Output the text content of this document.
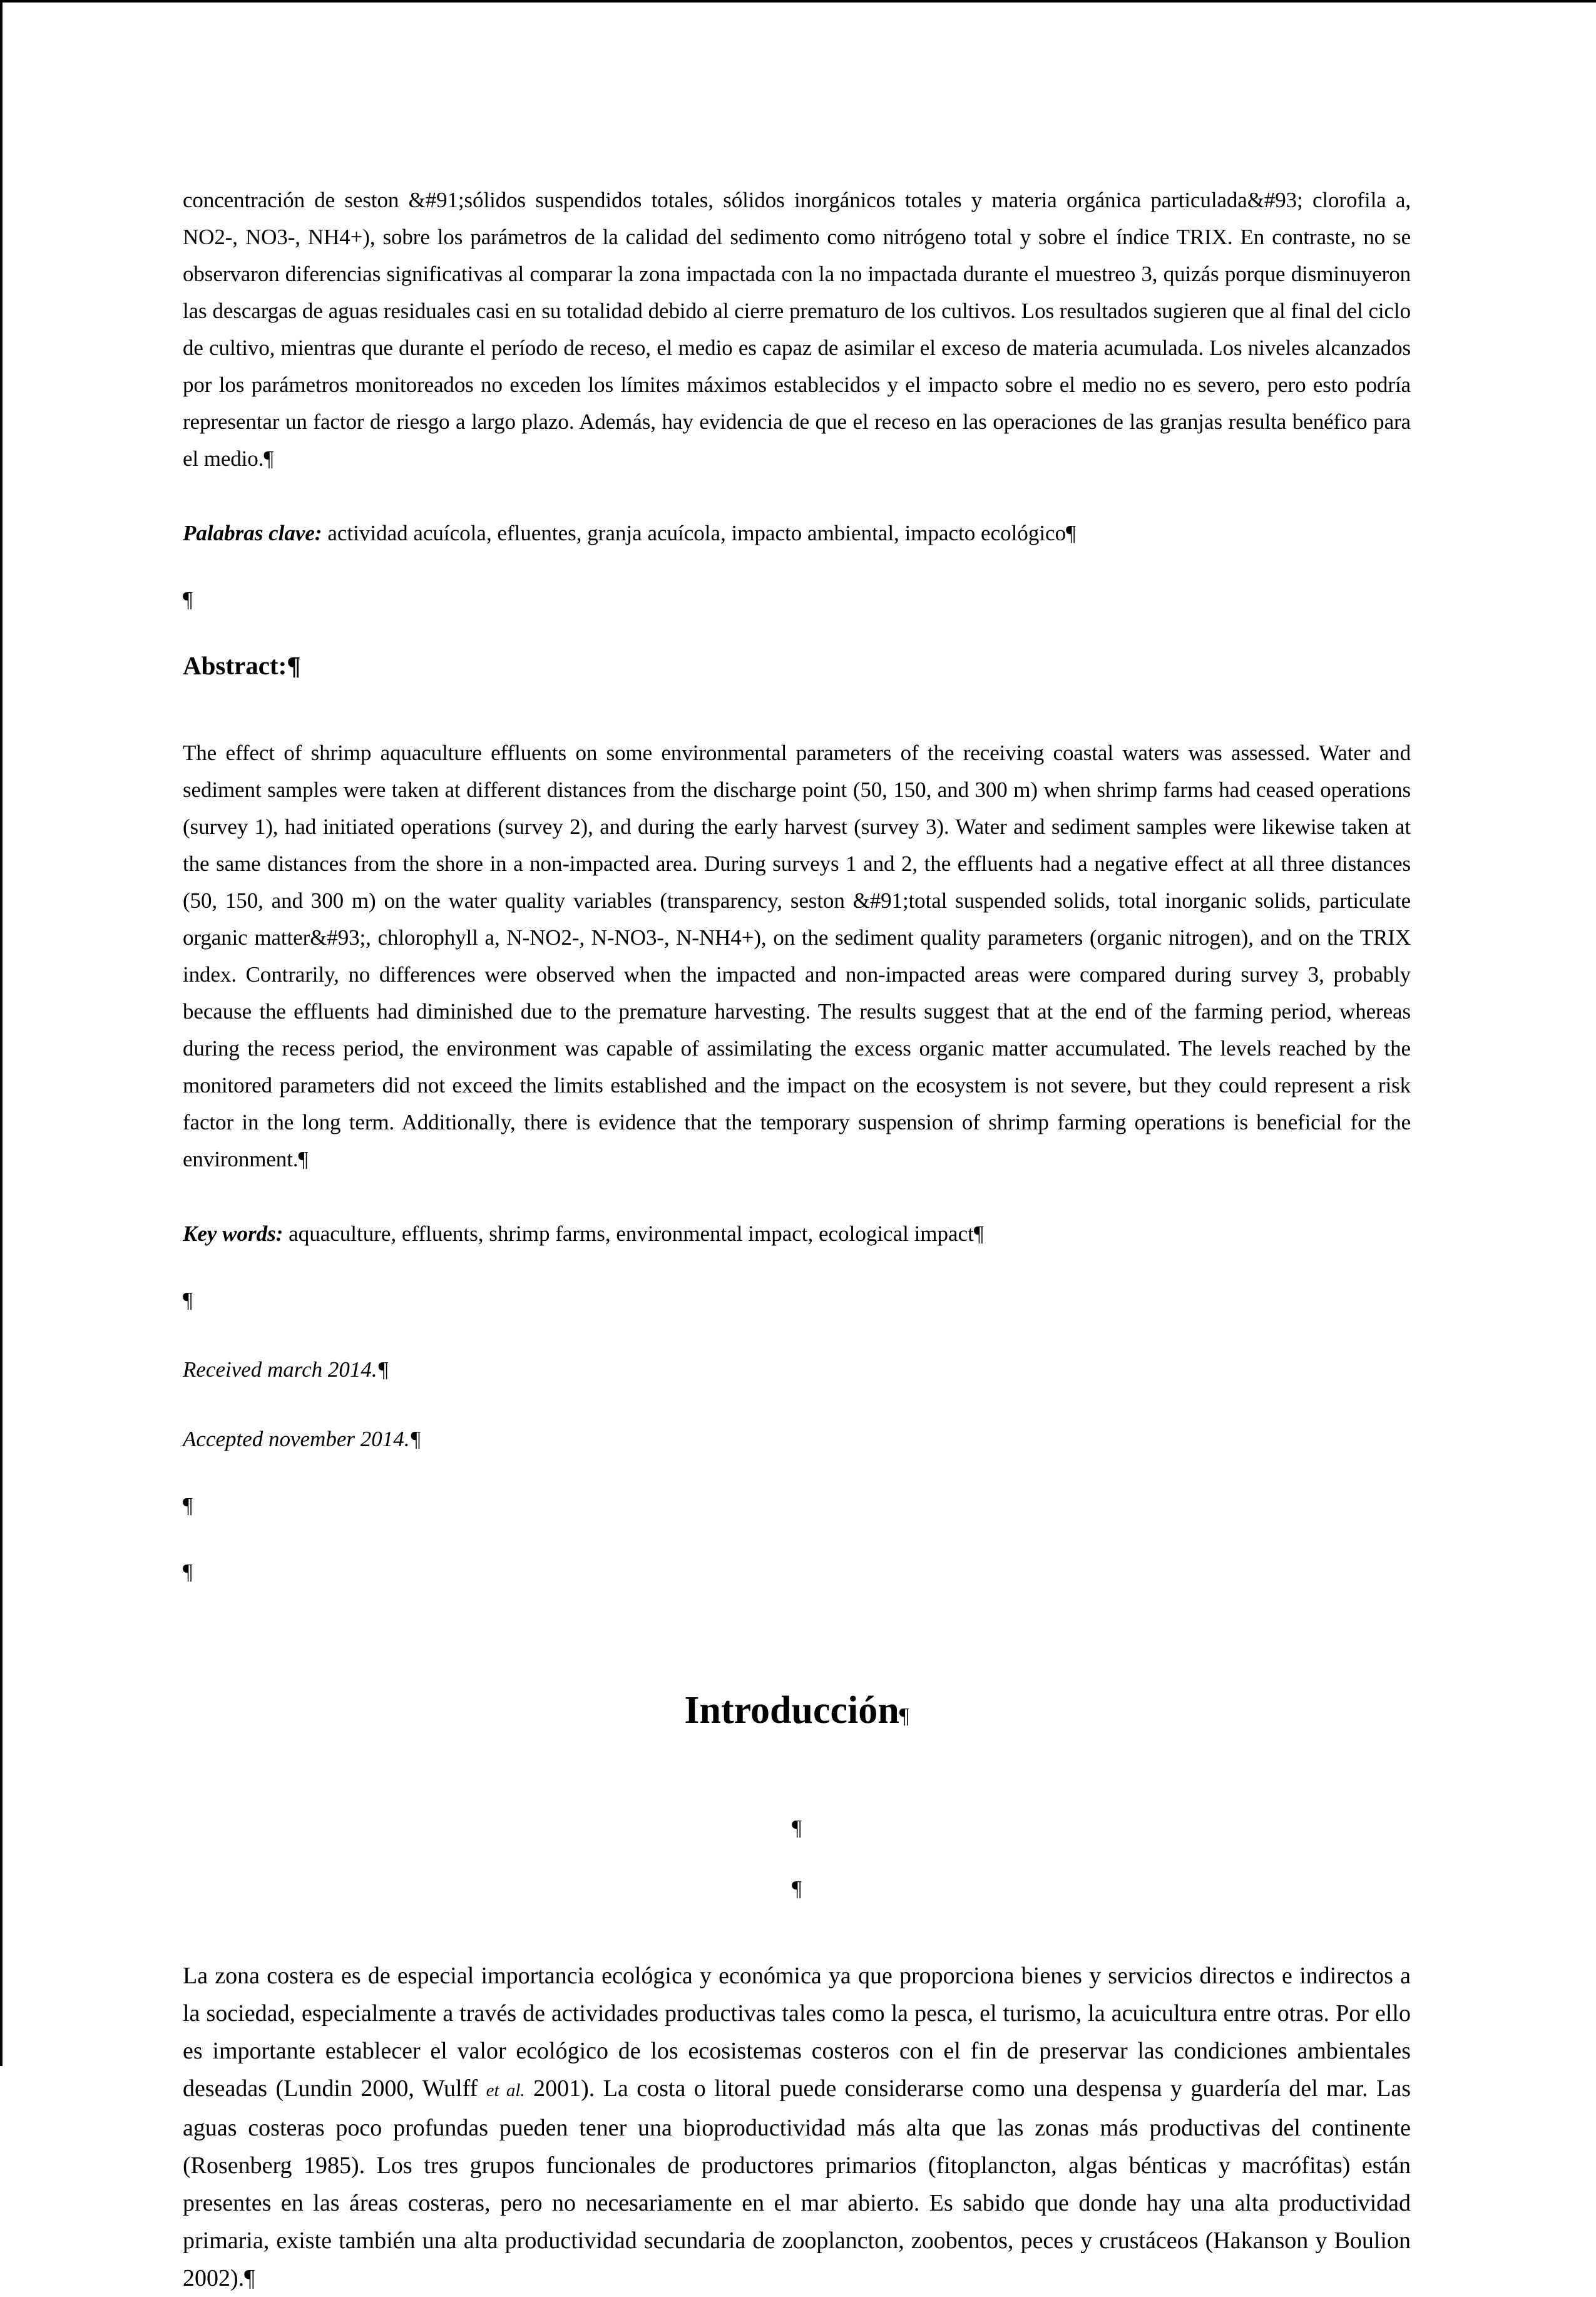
concentración de seston &#91;sólidos suspendidos totales, sólidos inorgánicos totales y materia orgánica particulada&#93; clorofila a, NO2-, NO3-, NH4+), sobre los parámetros de la calidad del sedimento como nitrógeno total y sobre el índice TRIX. En contraste, no se observaron diferencias significativas al comparar la zona impactada con la no impactada durante el muestreo 3, quizás porque disminuyeron las descargas de aguas residuales casi en su totalidad debido al cierre prematuro de los cultivos. Los resultados sugieren que al final del ciclo de cultivo, mientras que durante el período de receso, el medio es capaz de asimilar el exceso de materia acumulada. Los niveles alcanzados por los parámetros monitoreados no exceden los límites máximos establecidos y el impacto sobre el medio no es severo, pero esto podría representar un factor de riesgo a largo plazo. Además, hay evidencia de que el receso en las operaciones de las granjas resulta benéfico para el medio.¶

Palabras clave: actividad acuícola, efluentes, granja acuícola, impacto ambiental, impacto ecológico¶

¶

Abstract:¶

The effect of shrimp aquaculture effluents on some environmental parameters of the receiving coastal waters was assessed. Water and sediment samples were taken at different distances from the discharge point (50, 150, and 300 m) when shrimp farms had ceased operations (survey 1), had initiated operations (survey 2), and during the early harvest (survey 3). Water and sediment samples were likewise taken at the same distances from the shore in a non-impacted area. During surveys 1 and 2, the effluents had a negative effect at all three distances (50, 150, and 300 m) on the water quality variables (transparency, seston &#91;total suspended solids, total inorganic solids, particulate organic matter&#93;, chlorophyll a, N-NO2-, N-NO3-, N-NH4+), on the sediment quality parameters (organic nitrogen), and on the TRIX index. Contrarily, no differences were observed when the impacted and non-impacted areas were compared during survey 3, probably because the effluents had diminished due to the premature harvesting. The results suggest that at the end of the farming period, whereas during the recess period, the environment was capable of assimilating the excess organic matter accumulated. The levels reached by the monitored parameters did not exceed the limits established and the impact on the ecosystem is not severe, but they could represent a risk factor in the long term. Additionally, there is evidence that the temporary suspension of shrimp farming operations is beneficial for the environment.¶

Key words: aquaculture, effluents, shrimp farms, environmental impact, ecological impact¶

¶

Received march 2014.¶

Accepted november 2014.¶

¶

¶

Introducción¶

¶

¶

La zona costera es de especial importancia ecológica y económica ya que proporciona bienes y servicios directos e indirectos a la sociedad, especialmente a través de actividades productivas tales como la pesca, el turismo, la acuicultura entre otras. Por ello es importante establecer el valor ecológico de los ecosistemas costeros con el fin de preservar las condiciones ambientales deseadas (Lundin 2000, Wulff et al. 2001). La costa o litoral puede considerarse como una despensa y guardería del mar. Las aguas costeras poco profundas pueden tener una bioproductividad más alta que las zonas más productivas del continente (Rosenberg 1985). Los tres grupos funcionales de productores primarios (fitoplancton, algas bénticas y macrófitas) están presentes en las áreas costeras, pero no necesariamente en el mar abierto. Es sabido que donde hay una alta productividad primaria, existe también una alta productividad secundaria de zooplancton, zoobentos, peces y crustáceos (Hakanson y Boulion 2002).¶
